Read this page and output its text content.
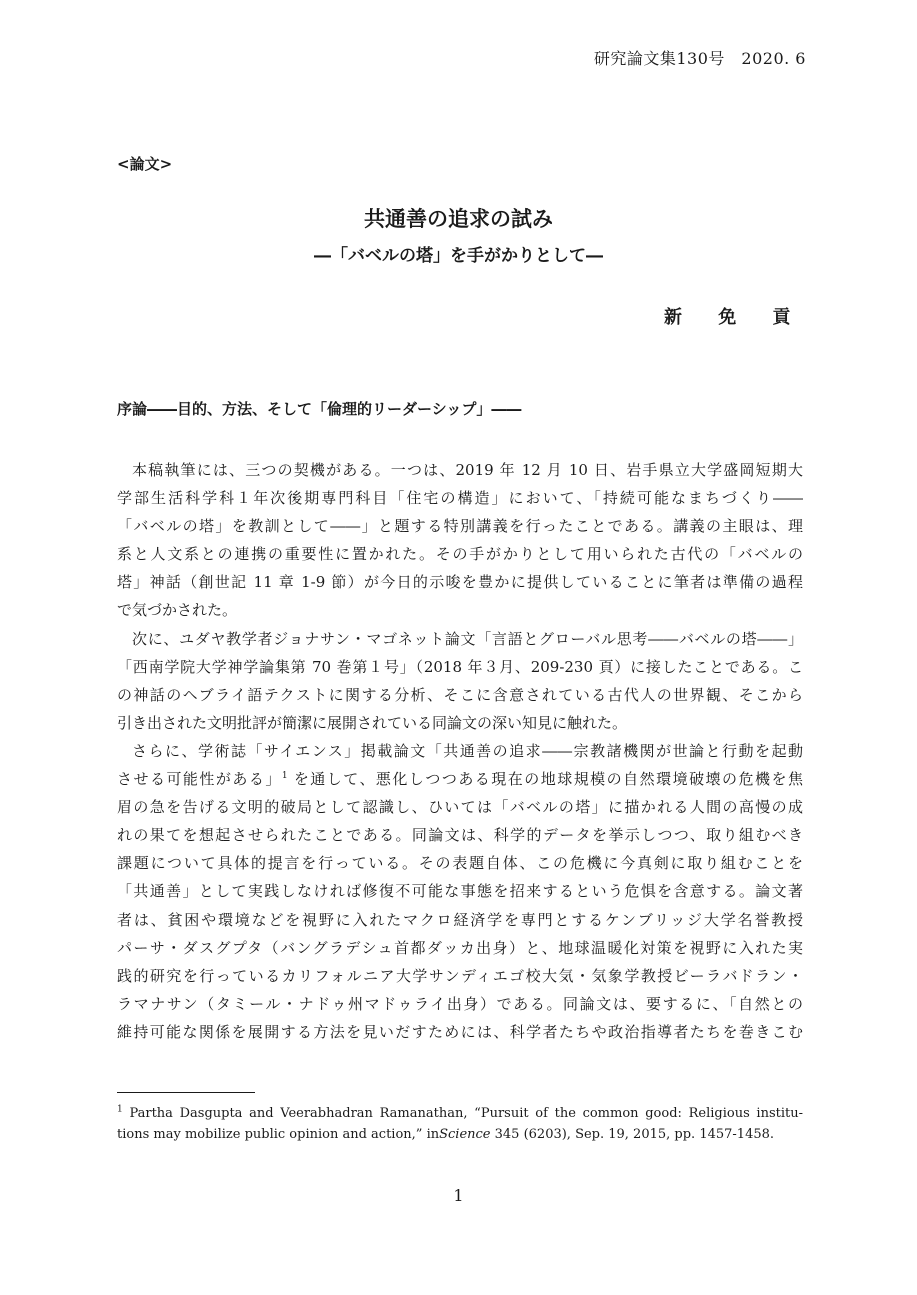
研究論文集130号　2020. 6
<論文>
共通善の追求の試み
―「バベルの塔」を手がかりとして―
新 免 貢
序論――目的、方法、そして「倫理的リーダーシップ」――
本稿執筆には、三つの契機がある。一つは、2019 年 12 月 10 日、岩手県立大学盛岡短期大
学部生活科学科１年次後期専門科目「住宅の構造」において、「持続可能なまちづくり――
「バベルの塔」を教訓として――」と題する特別講義を行ったことである。講義の主眼は、理
系と人文系との連携の重要性に置かれた。その手がかりとして用いられた古代の「バベルの
塔」神話（創世記 11 章 1-9 節）が今日的示唆を豊かに提供していることに筆者は準備の過程
で気づかされた。
次に、ユダヤ教学者ジョナサン・マゴネット論文「言語とグローバル思考――バベルの塔――」
「西南学院大学神学論集第 70 巻第１号」（2018 年３月、209-230 頁）に接したことである。こ
の神話のヘブライ語テクストに関する分析、そこに含意されている古代人の世界観、そこから
引き出された文明批評が簡潔に展開されている同論文の深い知見に触れた。
さらに、学術誌「サイエンス」掲載論文「共通善の追求――宗教諸機関が世論と行動を起動
させる可能性がある」$^1$ を通して、悪化しつつある現在の地球規模の自然環境破壊の危機を焦
眉の急を告げる文明的破局として認識し、ひいては「バベルの塔」に描かれる人間の高慢の成
れの果てを想起させられたことである。同論文は、科学的データを挙示しつつ、取り組むべき
課題について具体的提言を行っている。その表題自体、この危機に今真剣に取り組むことを
「共通善」として実践しなければ修復不可能な事態を招来するという危惧を含意する。論文著
者は、貧困や環境などを視野に入れたマクロ経済学を専門とするケンブリッジ大学名誉教授
パーサ・ダスグプタ（バングラデシュ首都ダッカ出身）と、地球温暖化対策を視野に入れた実
践的研究を行っているカリフォルニア大学サンディエゴ校大気・気象学教授ビーラバドラン・
ラマナサン（タミール・ナドゥ州マドゥライ出身）である。同論文は、要するに、「自然との
維持可能な関係を展開する方法を見いだすためには、科学者たちや政治指導者たちを巻きこむ
$^1$ Partha Dasgupta and Veerabhadran Ramanathan, “Pursuit of the common good: Religious institu-
tions may mobilize public opinion and action,” inScience 345 (6203), Sep. 19, 2015, pp. 1457-1458.
1
